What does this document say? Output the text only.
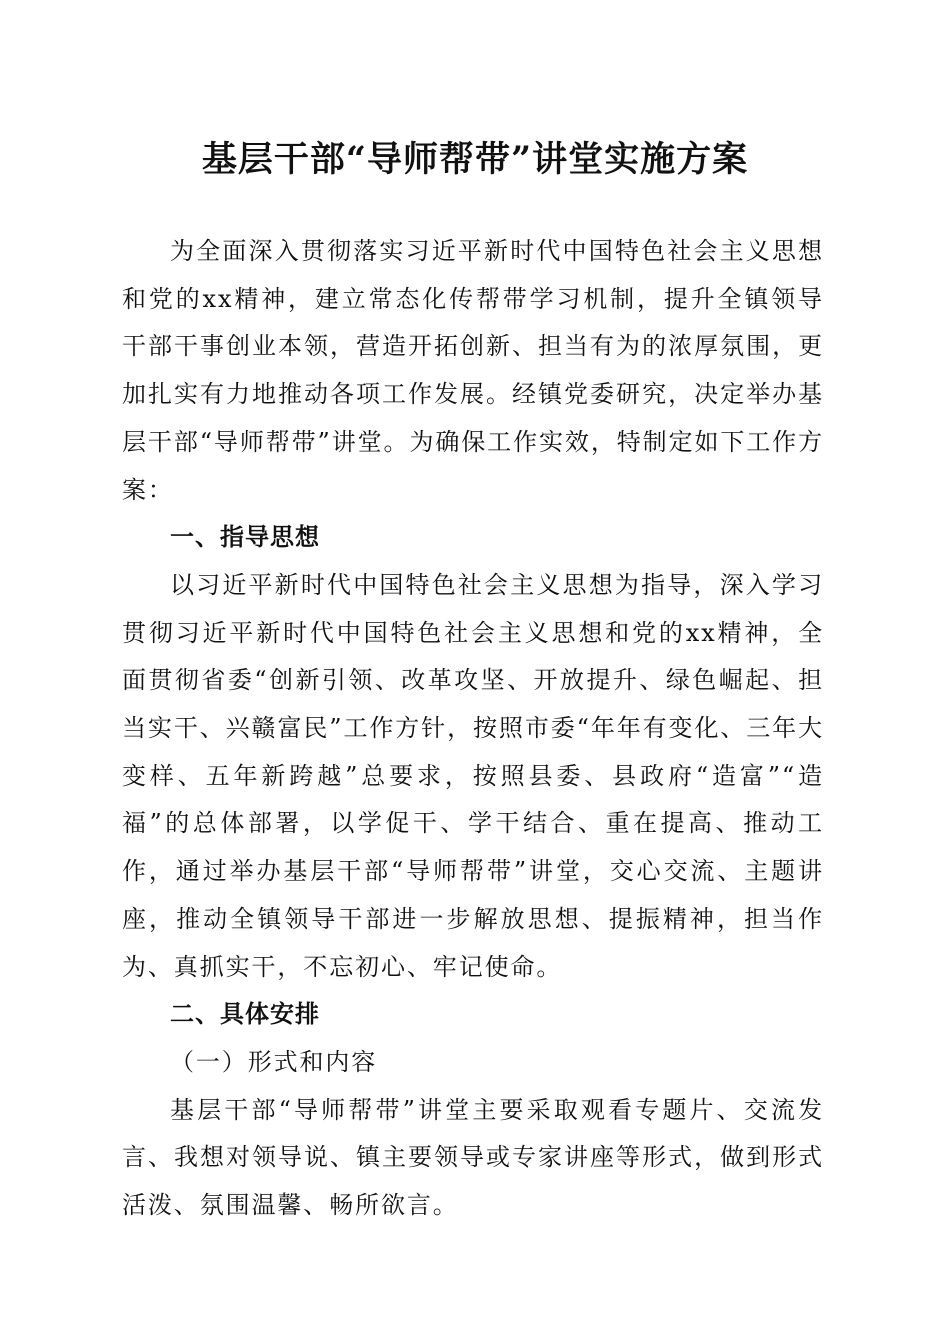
基层干部“导师帮带”讲堂实施方案

为全面深入贯彻落实习近平新时代中国特色社会主义思想和党的xx精神，建立常态化传帮带学习机制，提升全镇领导干部干事创业本领，营造开拓创新、担当有为的浓厚氛围，更加扎实有力地推动各项工作发展。经镇党委研究，决定举办基层干部“导师帮带”讲堂。为确保工作实效，特制定如下工作方案：

一、指导思想

以习近平新时代中国特色社会主义思想为指导，深入学习贯彻习近平新时代中国特色社会主义思想和党的xx精神，全面贯彻省委“创新引领、改革攻坚、开放提升、绿色崛起、担当实干、兴赣富民”工作方针，按照市委“年年有变化、三年大变样、五年新跨越”总要求，按照县委、县政府“造富”“造福”的总体部署，以学促干、学干结合、重在提高、推动工作，通过举办基层干部“导师帮带”讲堂，交心交流、主题讲座，推动全镇领导干部进一步解放思想、提振精神，担当作为、真抓实干，不忘初心、牢记使命。

二、具体安排

（一）形式和内容

基层干部“导师帮带”讲堂主要采取观看专题片、交流发言、我想对领导说、镇主要领导或专家讲座等形式，做到形式活泼、氛围温馨、畅所欲言。
